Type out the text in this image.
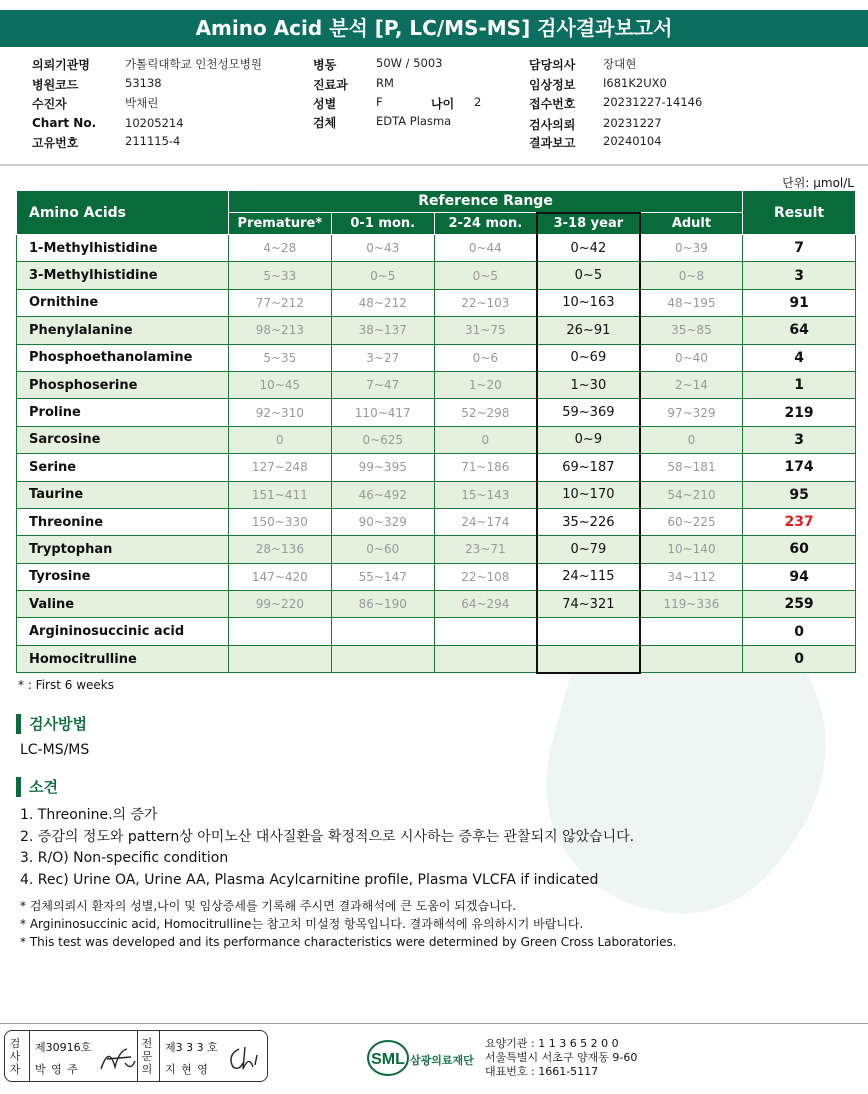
Amino Acid 분석 [P, LC/MS-MS] 검사결과보고서
의뢰기관명	가톨릭대학교 인천성모병원
병원코드	53138
수진자	박채린
Chart No.	10205214
고유번호	211115-4
병동	50W / 5003
진료과 RM
성별	F	나이 2
검체	EDTA Plasma
담당의사 장대현
임상정보 I681K2UX0
접수번호 20231227-14146
검사의뢰 20231227
결과보고 20240104
단위: μmol/L
Amino Acids	Reference Range					Result
	Premature*	0-1 mon.	2-24 mon.	3-18 year	Adult	
1-Methylhistidine	4~28	0~43	0~44	0~42	0~39	7
3-Methylhistidine	5~33	0~5	0~5	0~5	0~8	3
Ornithine	77~212	48~212	22~103	10~163	48~195	91
Phenylalanine	98~213	38~137	31~75	26~91	35~85	64
Phosphoethanolamine	5~35	3~27	0~6	0~69	0~40	4
Phosphoserine	10~45	7~47	1~20	1~30	2~14	1
Proline	92~310	110~417	52~298	59~369	97~329	219
Sarcosine	0	0~625	0	0~9	0	3
Serine	127~248	99~395	71~186	69~187	58~181	174
Taurine	151~411	46~492	15~143	10~170	54~210	95
Threonine	150~330	90~329	24~174	35~226	60~225	237
Tryptophan	28~136	0~60	23~71	0~79	10~140	60
Tyrosine	147~420	55~147	22~108	24~115	34~112	94
Valine	99~220	86~190	64~294	74~321	119~336	259
Argininosuccinic acid						0
Homocitrulline						0
* : First 6 weeks
검사방법
LC-MS/MS
소견
1. Threonine.의 증가
2. 증감의 정도와 pattern상 아미노산 대사질환을 확정적으로 시사하는 증후는 관찰되지 않았습니다.
3. R/O) Non-specific condition
4. Rec) Urine OA, Urine AA, Plasma Acylcarnitine profile, Plasma VLCFA if indicated
* 검체의뢰시 환자의 성별,나이 및 임상증세를 기록해 주시면 결과해석에 큰 도움이 되겠습니다.
* Argininosuccinic acid, Homocitrulline는 참고치 미설정 항목입니다. 결과해석에 유의하시기 바랍니다.
* This test was developed and its performance characteristics were determined by Green Cross Laboratories.
검사자
제30916호
박 영 주
전문의
제3 3 3 호
지 현 영
SML 삼광의료재단
요양기관 : 1 1 3 6 5 2 0 0
서울특별시 서초구 양재동 9-60
대표번호 : 1661-5117
